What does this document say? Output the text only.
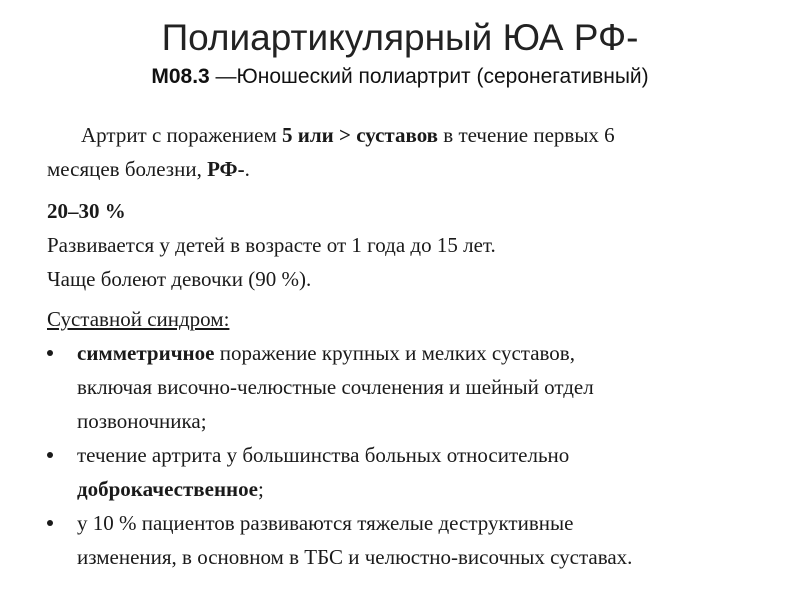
Полиартикулярный ЮА РФ-
М08.3 —Юношеский полиартрит (серонегативный)
Артрит с поражением 5 или > суставов в течение первых 6
месяцев болезни, РФ-.
20–30 %
Развивается у детей в возрасте от 1 года до 15 лет.
Чаще болеют девочки (90 %).
Суставной синдром:
симметричное поражение крупных и мелких суставов,
включая височно-челюстные сочленения и шейный отдел
позвоночника;
течение артрита у большинства больных относительно
доброкачественное;
у 10 % пациентов развиваются тяжелые деструктивные
изменения, в основном в ТБС и челюстно-височных суставах.
